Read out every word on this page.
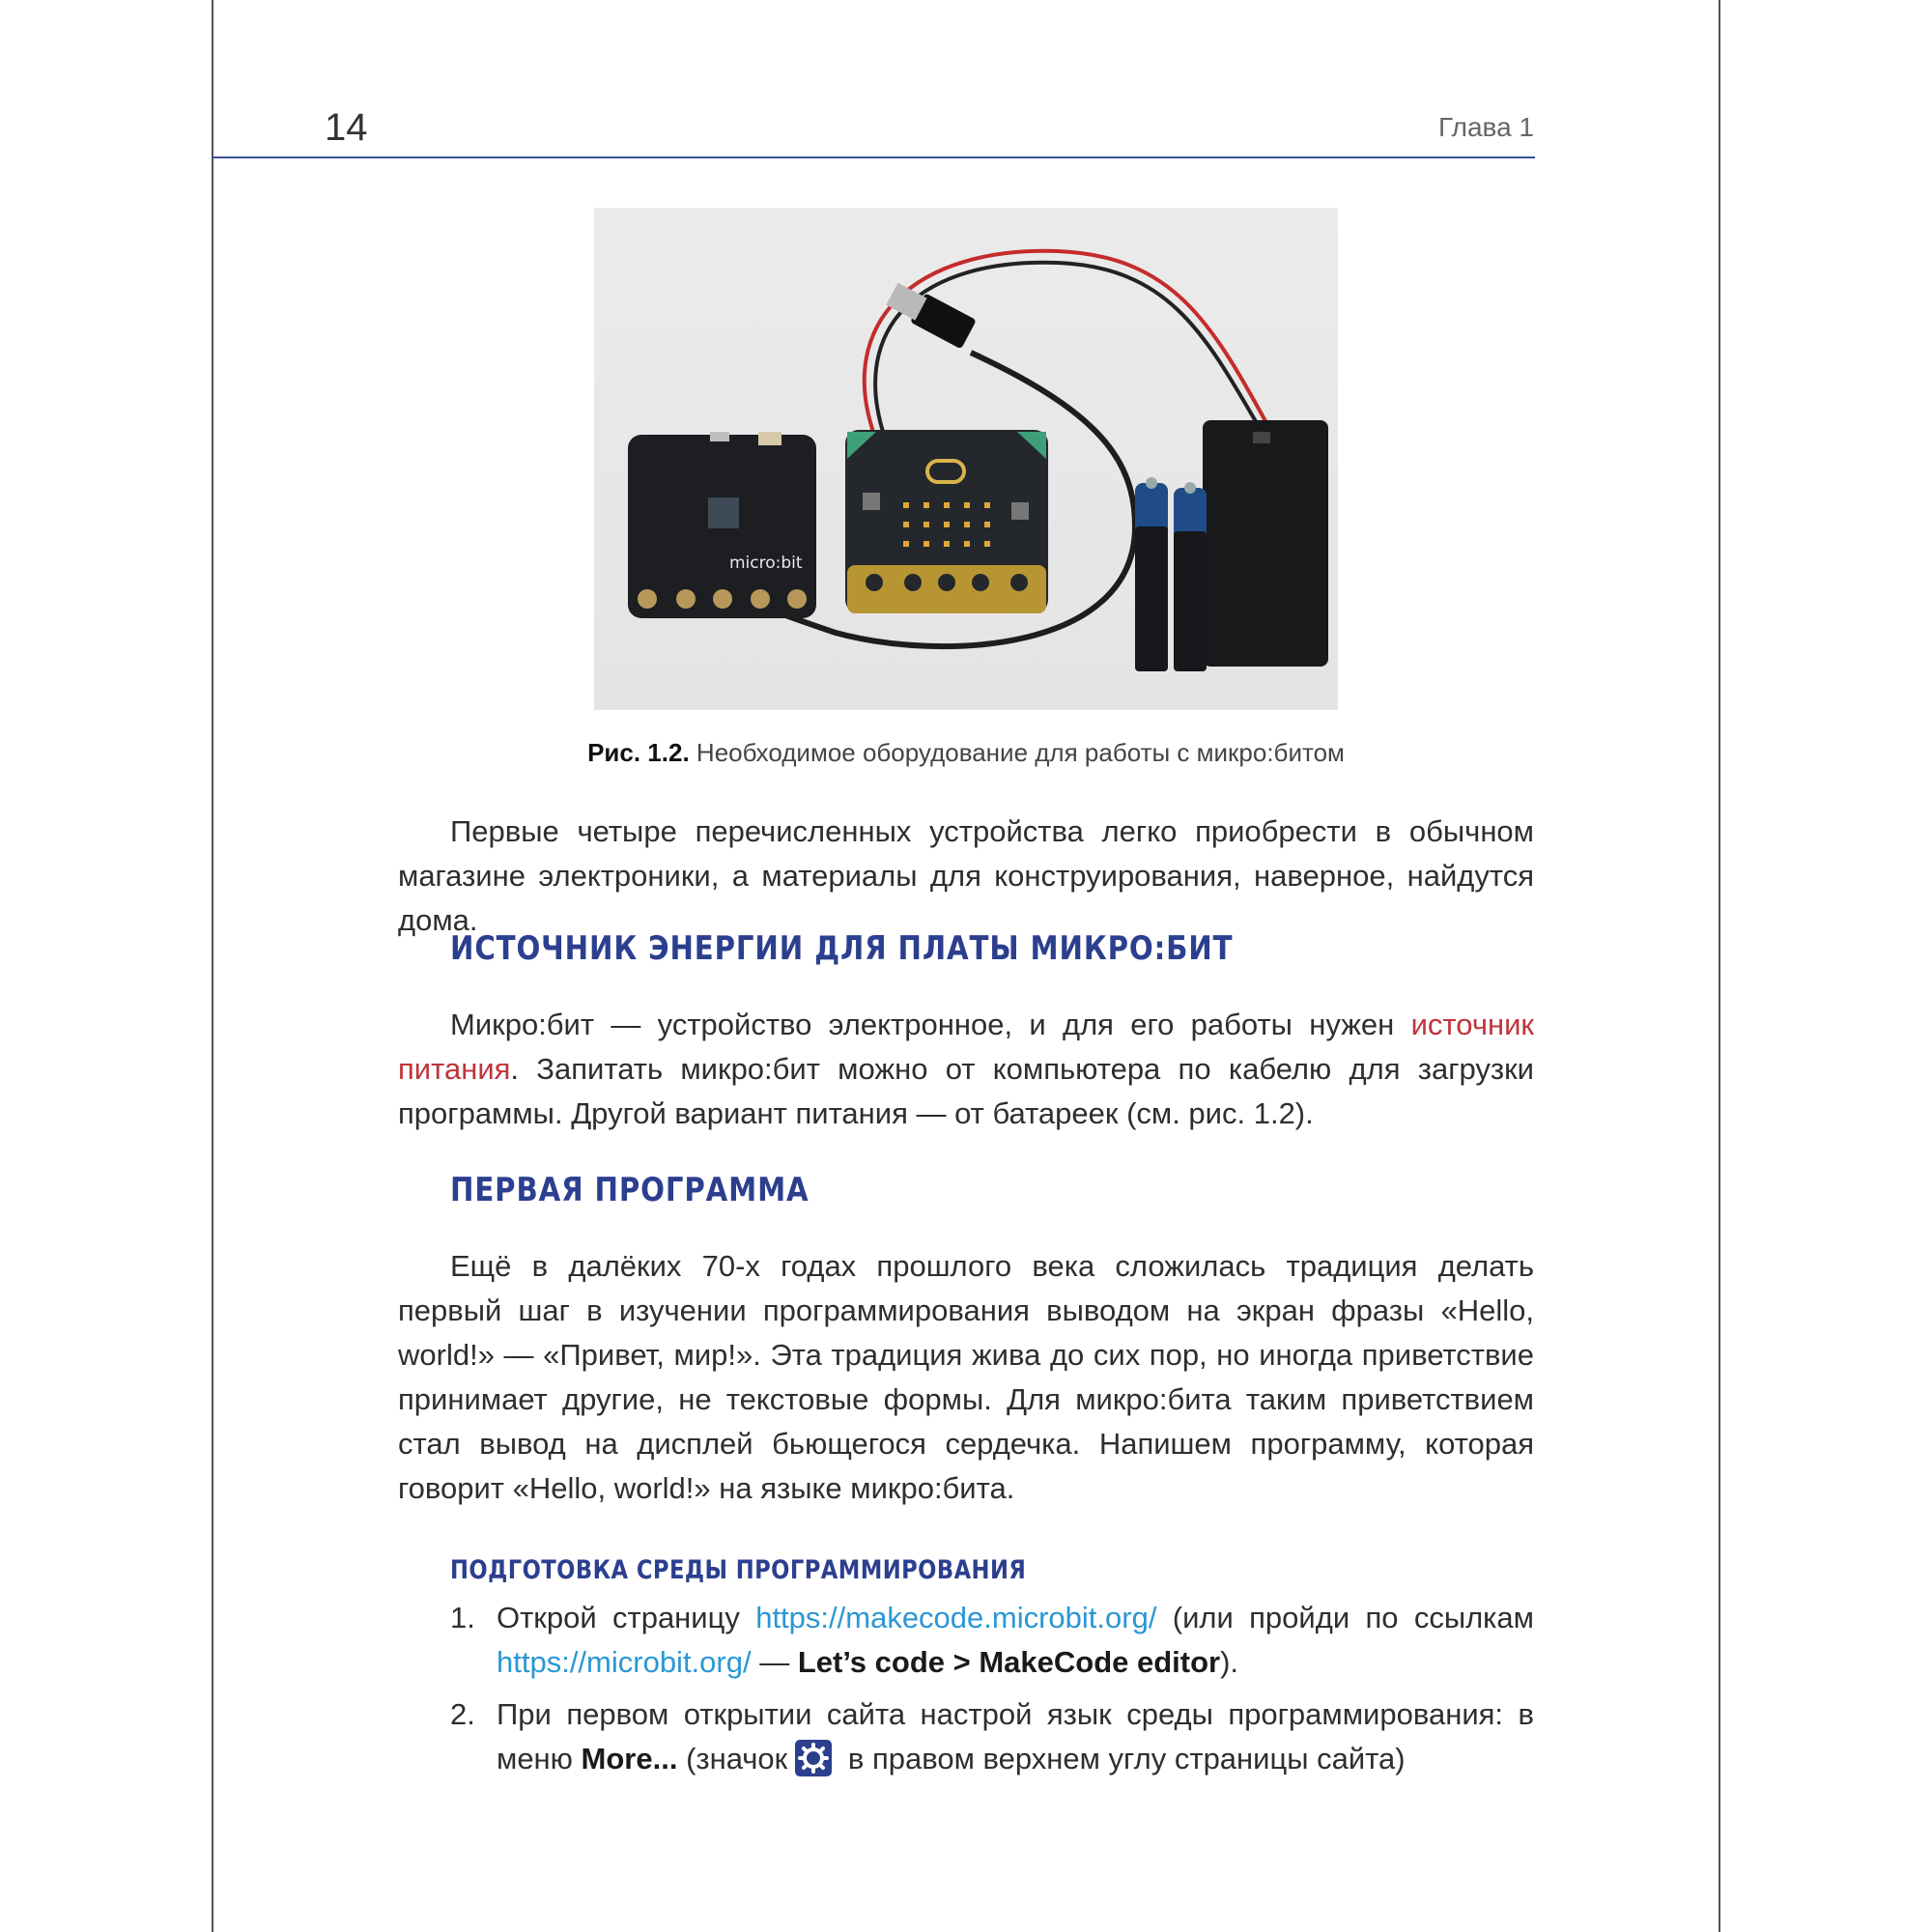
14	Глава 1
micro:bit
Рис. 1.2. Необходимое оборудование для работы с микро:битом
Первые четыре перечисленных устройства легко приобрести в обычном магазине электроники, а материалы для конструирования, наверное, найдутся дома.
ИСТОЧНИК ЭНЕРГИИ ДЛЯ ПЛАТЫ МИКРО:БИТ
Микро:бит — устройство электронное, и для его работы нужен источник питания. Запитать микро:бит можно от компьютера по кабелю для загрузки программы. Другой вариант питания — от батареек (см. рис. 1.2).
ПЕРВАЯ ПРОГРАММА
Ещё в далёких 70-х годах прошлого века сложилась традиция делать первый шаг в изучении программирования выводом на экран фразы «Hello, world!» — «Привет, мир!». Эта традиция жива до сих пор, но иногда приветствие принимает другие, не текстовые формы. Для микро:бита таким приветствием стал вывод на дисплей бьющегося сердечка. Напишем программу, которая говорит «Hello, world!» на языке микро:бита.
ПОДГОТОВКА СРЕДЫ ПРОГРАММИРОВАНИЯ
1. Открой страницу https://makecode.microbit.org/ (или пройди по ссылкам https://microbit.org/ — Let’s code > MakeCode editor).
2. При первом открытии сайта настрой язык среды программирования: в меню More... (значок в правом верхнем углу страницы сайта)
